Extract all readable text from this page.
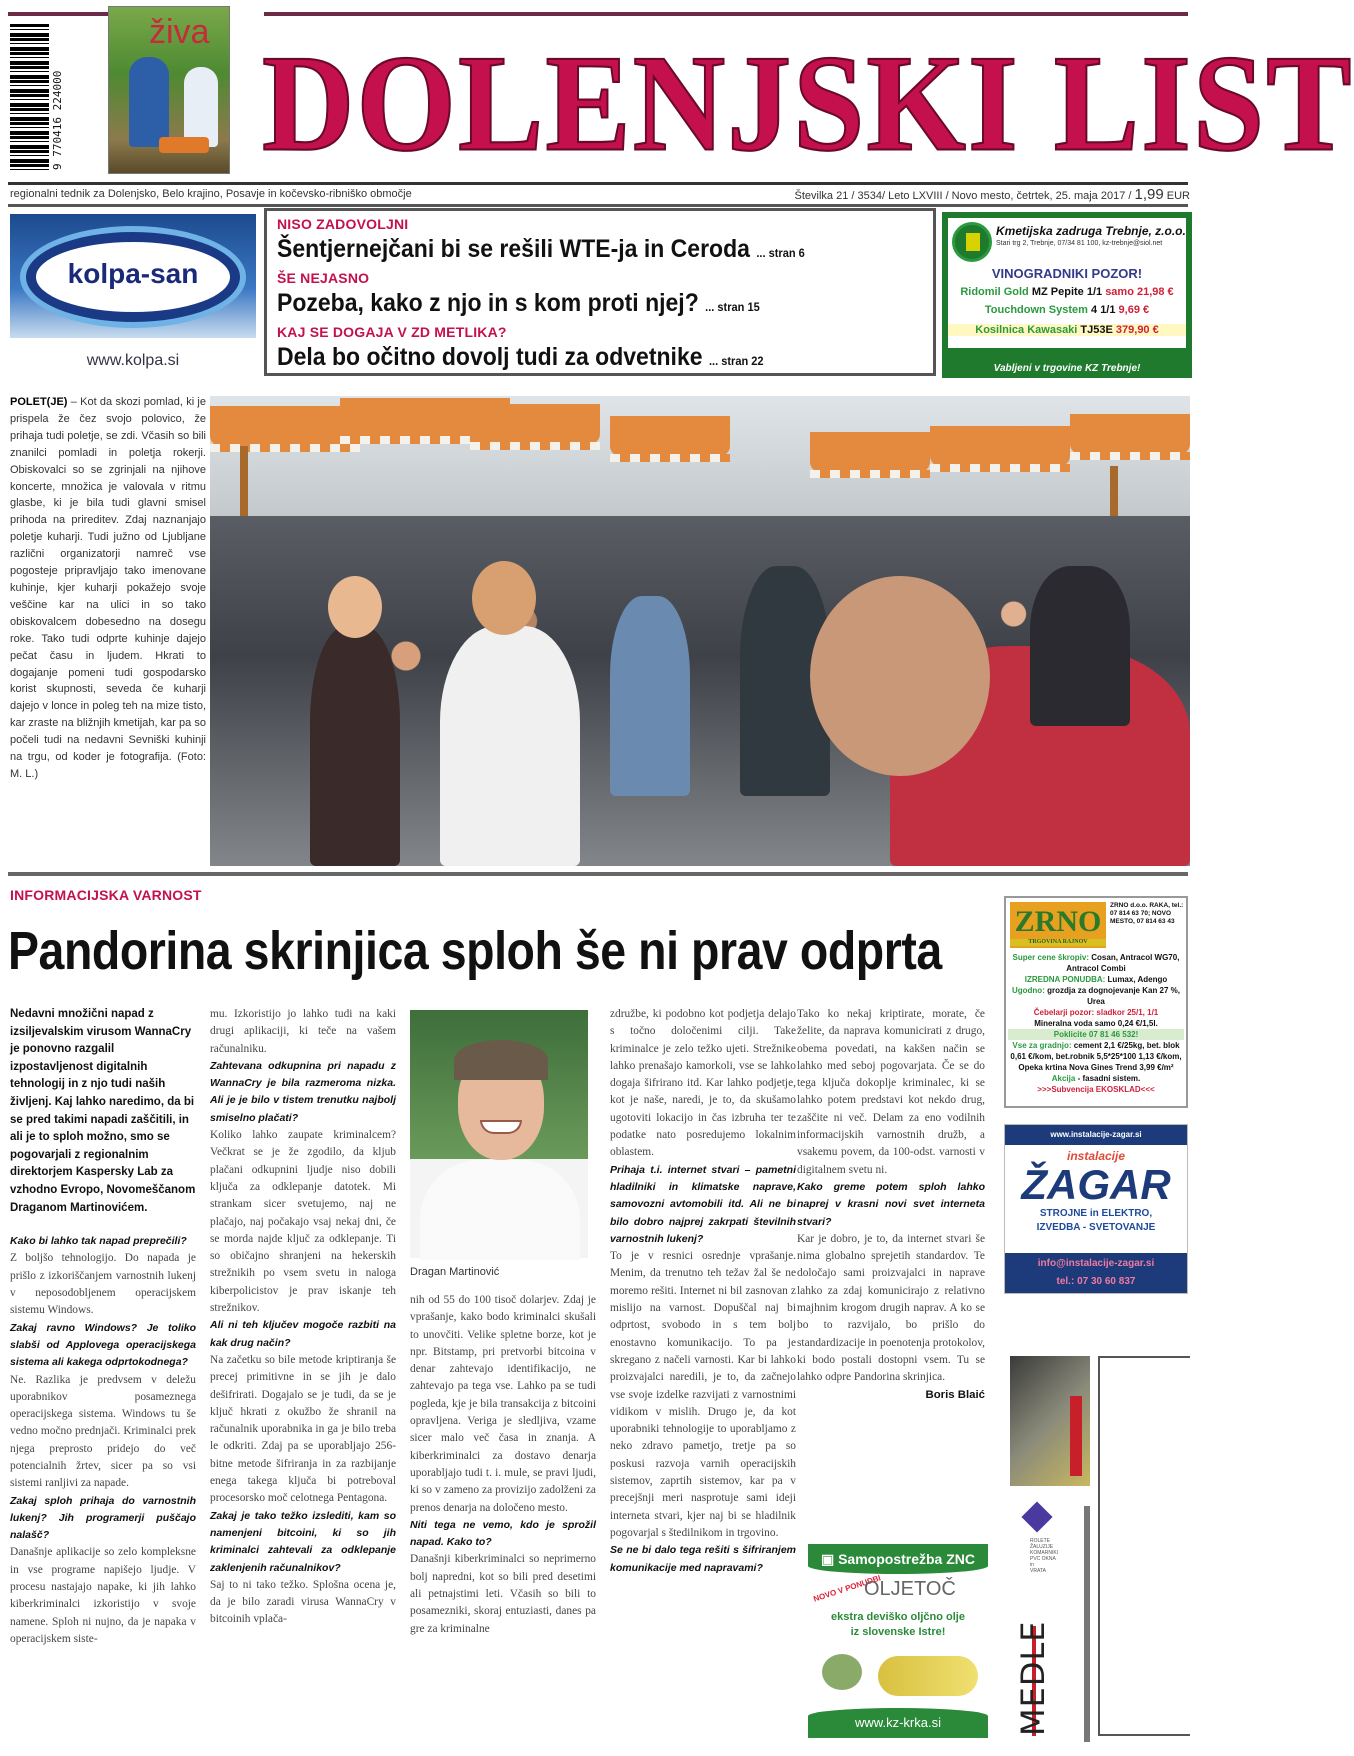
9 770416 224000
živa DOLENJSKI LIST
regionalni tednik za Dolenjsko, Belo krajino, Posavje in kočevsko-ribniško območje	Številka 21 / 3534/ Leto LXVIII / Novo mesto, četrtek, 25. maja 2017 / 1,99 EUR
kolpa-san
www.kolpa.si
NISO ZADOVOLJNI
Šentjernejčani bi se rešili WTE-ja in Ceroda ... stran 6
ŠE NEJASNO
Pozeba, kako z njo in s kom proti njej? ... stran 15
KAJ SE DOGAJA V ZD METLIKA?
Dela bo očitno dovolj tudi za odvetnike ... stran 22
Kmetijska zadruga Trebnje, z.o.o.
Stari trg 2, Trebnje, 07/34 81 100, kz-trebnje@siol.net
VINOGRADNIKI POZOR!
Ridomil Gold MZ Pepite 1/1 samo 21,98 €
Touchdown System 4 1/1 9,69 €
Kosilnica Kawasaki TJ53E 379,90 €
Vabljeni v trgovine KZ Trebnje!
POLET(JE) – Kot da skozi pomlad, ki je prispela že čez svojo polovico, že prihaja tudi poletje, se zdi. Včasih so bili znanilci pomladi in poletja rokerji. Obiskovalci so se zgrinjali na njihove koncerte, množica je valovala v ritmu glasbe, ki je bila tudi glavni smisel prihoda na prireditev. Zdaj naznanjajo poletje kuharji. Tudi južno od Ljubljane različni organizatorji namreč vse pogosteje pripravljajo tako imenovane kuhinje, kjer kuharji pokažejo svoje veščine kar na ulici in so tako obiskovalcem dobesedno na dosegu roke. Tako tudi odprte kuhinje dajejo pečat času in ljudem. Hkrati to dogajanje pomeni tudi gospodarsko korist skupnosti, seveda če kuharji dajejo v lonce in poleg teh na mize tisto, kar zraste na bližnjih kmetijah, kar pa so počeli tudi na nedavni Sevniški kuhinji na trgu, od koder je fotografija. (Foto: M. L.)
INFORMACIJSKA VARNOST
Pandorina skrinjica sploh še ni prav odprta
Nedavni množični napad z izsiljevalskim virusom WannaCry je ponovno razgalil izpostavljenost digitalnih tehnologij in z njo tudi naših življenj. Kaj lahko naredimo, da bi se pred takimi napadi zaščitili, in ali je to sploh možno, smo se pogovarjali z regionalnim direktorjem Kaspersky Lab za vzhodno Evropo, Novomeščanom Draganom Martinovićem.
Kako bi lahko tak napad preprečili?
Z boljšo tehnologijo. Do napada je prišlo z izkoriščanjem varnostnih lukenj v neposodobljenem operacijskem sistemu Windows.
Zakaj ravno Windows? Je toliko slabši od Applovega operacijskega sistema ali kakega odprtokodnega?
Ne. Razlika je predvsem v deležu uporabnikov posameznega operacijskega sistema. Windows tu še vedno močno prednjači. Kriminalci prek njega preprosto pridejo do več potencialnih žrtev, sicer pa so vsi sistemi ranljivi za napade.
Zakaj sploh prihaja do varnostnih lukenj? Jih programerji puščajo nalašč?
Današnje aplikacije so zelo kompleksne in vse programe napišejo ljudje. V procesu nastajajo napake, ki jih lahko kiberkriminalci izkoristijo v svoje namene. Sploh ni nujno, da je napaka v operacijskem siste-
mu. Izkoristijo jo lahko tudi na kaki drugi aplikaciji, ki teče na vašem računalniku.
Zahtevana odkupnina pri napadu z WannaCry je bila razmeroma nizka. Ali je je bilo v tistem trenutku najbolj smiselno plačati?
Koliko lahko zaupate kriminalcem? Večkrat se je že zgodilo, da kljub plačani odkupnini ljudje niso dobili ključa za odklepanje datotek. Mi strankam sicer svetujemo, naj ne plačajo, naj počakajo vsaj nekaj dni, če se morda najde ključ za odklepanje. Ti so običajno shranjeni na hekerskih strežnikih po vsem svetu in naloga kiberpolicistov je prav iskanje teh strežnikov.
Ali ni teh ključev mogoče razbiti na kak drug način?
Na začetku so bile metode kriptiranja še precej primitivne in se jih je dalo dešifrirati. Dogajalo se je tudi, da se je ključ hkrati z okužbo že shranil na računalnik uporabnika in ga je bilo treba le odkriti. Zdaj pa se uporabljajo 256-bitne metode šifriranja in za razbijanje enega takega ključa bi potreboval procesorsko moč celotnega Pentagona.
Zakaj je tako težko izslediti, kam so namenjeni bitcoini, ki so jih kriminalci zahtevali za odklepanje zaklenjenih računalnikov?
Saj to ni tako težko. Splošna ocena je, da je bilo zaradi virusa WannaCry v bitcoinih vplača-
Dragan Martinović
nih od 55 do 100 tisoč dolarjev. Zdaj je vprašanje, kako bodo kriminalci skušali to unovčiti. Velike spletne borze, kot je npr. Bitstamp, pri pretvorbi bitcoina v denar zahtevajo identifikacijo, ne zahtevajo pa tega vse. Lahko pa se tudi pogleda, kje je bila transakcija z bitcoini opravljena. Veriga je sledljiva, vzame sicer malo več časa in znanja. A kiberkriminalci za dostavo denarja uporabljajo tudi t. i. mule, se pravi ljudi, ki so v zameno za provizijo zadolženi za prenos denarja na določeno mesto.
Niti tega ne vemo, kdo je sprožil napad. Kako to?
Današnji kiberkriminalci so neprimerno bolj napredni, kot so bili pred desetimi ali petnajstimi leti. Včasih so bili to posamezniki, skoraj entuziasti, danes pa gre za kriminalne
združbe, ki podobno kot podjetja delajo s točno določenimi cilji. Take kriminalce je zelo težko ujeti. Strežnike lahko prenašajo kamorkoli, vse se lahko dogaja šifrirano itd. Kar lahko podjetje, kot je naše, naredi, je to, da skušamo ugotoviti lokacijo in čas izbruha ter te podatke nato posredujemo lokalnim oblastem.
Prihaja t.i. internet stvari – pametni hladilniki in klimatske naprave, samovozni avtomobili itd. Ali ne bi bilo dobro najprej zakrpati številnih varnostnih lukenj?
To je v resnici osrednje vprašanje. Menim, da trenutno teh težav žal še ne moremo rešiti. Internet ni bil zasnovan z mislijo na varnost. Dopuščal naj bi odprtost, svobodo in s tem bolj enostavno komunikacijo. To pa je skregano z načeli varnosti. Kar bi lahko proizvajalci naredili, je to, da začnejo vse svoje izdelke razvijati z varnostnimi vidikom v mislih. Drugo je, da kot uporabniki tehnologije to uporabljamo z neko zdravo pametjo, tretje pa so poskusi razvoja varnih operacijskih sistemov, zaprtih sistemov, kar pa v precejšnji meri nasprotuje sami ideji interneta stvari, kjer naj bi se hladilnik pogovarjal s štedilnikom in trgovino.
Se ne bi dalo tega rešiti s šifriranjem komunikacije med napravami?
Tako ko nekaj kriptirate, morate, če želite, da naprava komunicirati z drugo, obema povedati, na kakšen način se lahko med seboj pogovarjata. Če se do tega ključa dokoplje kriminalec, ki se lahko potem predstavi kot nekdo drug, zaščite ni več. Delam za eno vodilnih informacijskih varnostnih družb, a vsakemu povem, da 100-odst. varnosti v digitalnem svetu ni.
Kako greme potem sploh lahko naprej v krasni novi svet interneta stvari?
Kar je dobro, je to, da internet stvari še nima globalno sprejetih standardov. Te določajo sami proizvajalci in naprave lahko za zdaj komunicirajo z relativno majhnim krogom drugih naprav. A ko se bo to razvijalo, bo prišlo do standardizacije in poenotenja protokolov, ki bodo postali dostopni vsem. Tu se lahko odpre Pandorina skrinjica.
Boris Blaić
ZRNO
TRGOVINA RAJNOV
ZRNO d.o.o. RAKA, tel.: 07 814 63 70; NOVO MESTO, 07 814 63 43
Super cene škropiv: Cosan, Antracol WG70, Antracol Combi
IZREDNA PONUDBA: Lumax, Adengo
Ugodno: grozdja za dognojevanje Kan 27 %, Urea
Čebelarji pozor: sladkor 25/1, 1/1
Mineralna voda samo 0,24 €/1,5l.
Poklicite 07 81 46 532!
Vse za gradnjo: cement 2,1 €/25kg, bet. blok 0,61 €/kom, bet.robnik 5,5*25*100 1,13 €/kom, Opeka krtina Nova Gines Trend 3,99 €/m²
Akcija - fasadni sistem.
>>>Subvencija EKOSKLAD<<<
www.instalacije-zagar.si
instalacije
ŽAGAR
STROJNE in ELEKTRO,
IZVEDBA - SVETOVANJE
info@instalacije-zagar.si
tel.: 07 30 60 837
▣ Samopostrežba ZNC
NOVO V PONUDBI
OLJETOČ
ekstra deviško oljčno olje
iz slovenske Istre!
www.kz-krka.si
ROLETE
ŽALUZIJE
KOMARNIKI
PVC OKNA in
VRATA
MEDLE
